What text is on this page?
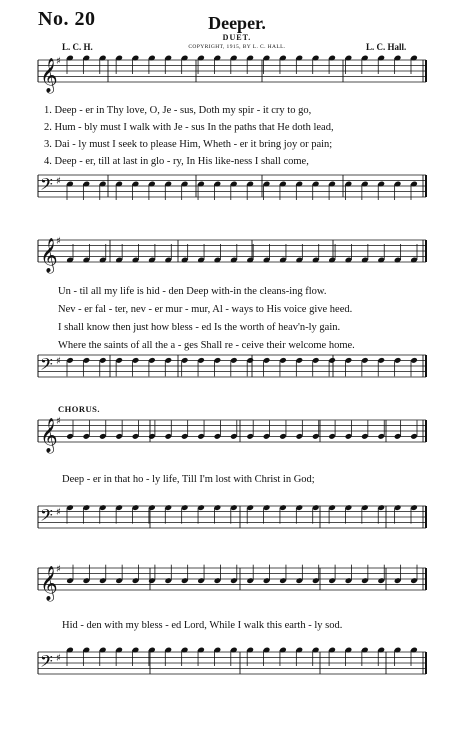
No. 20	Deeper.
DUET.
L. C. H.	COPYRIGHT, 1915, BY L. C. HALL.	L. C. Hall.
𝄞
♯
𝄢 ♯
𝄞
♯
𝄢 ♯
𝄞
♯
𝄢 ♯
𝄞
♯
𝄢 ♯
1. Deep - er in Thy love, O, Je - sus, Doth my spir - it cry to go,
2. Hum - bly must I walk with Je - sus In the paths that He doth lead,
3. Dai - ly must I seek to please Him, Wheth - er it bring joy or pain;
4. Deep - er, till at last in glo - ry, In His like-ness I shall come,
Un - til all my life is hid - den Deep with-in the cleans-ing flow.
Nev - er fal - ter, nev - er mur - mur, Al - ways to His voice give heed.
I shall know then just how bless - ed Is the worth of heav'n-ly gain.
Where the saints of all the a - ges Shall re - ceive their welcome home.
CHORUS.
Deep - er in that ho - ly life, Till I'm lost with Christ in God;
Hid - den with my bless - ed Lord, While I walk this earth - ly sod.
